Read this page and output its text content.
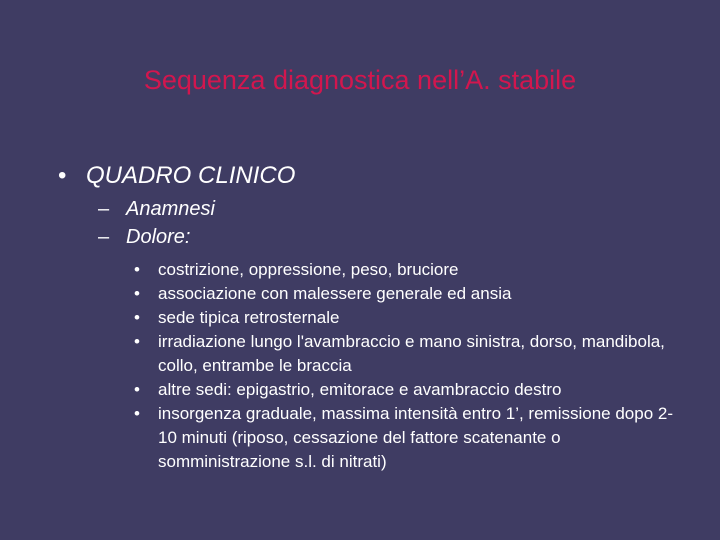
Sequenza diagnostica nell’A. stabile
• QUADRO CLINICO
– Anamnesi
– Dolore:
•	costrizione, oppressione, peso, bruciore
•	associazione con malessere generale ed ansia
•	sede tipica retrosternale
•	irradiazione lungo l'avambraccio e mano sinistra, dorso, mandibola, collo, entrambe le braccia
•	altre sedi: epigastrio, emitorace e avambraccio destro
•	insorgenza graduale, massima intensità entro 1’, remissione dopo 2-10 minuti (riposo, cessazione del fattore scatenante o somministrazione s.l. di nitrati)
